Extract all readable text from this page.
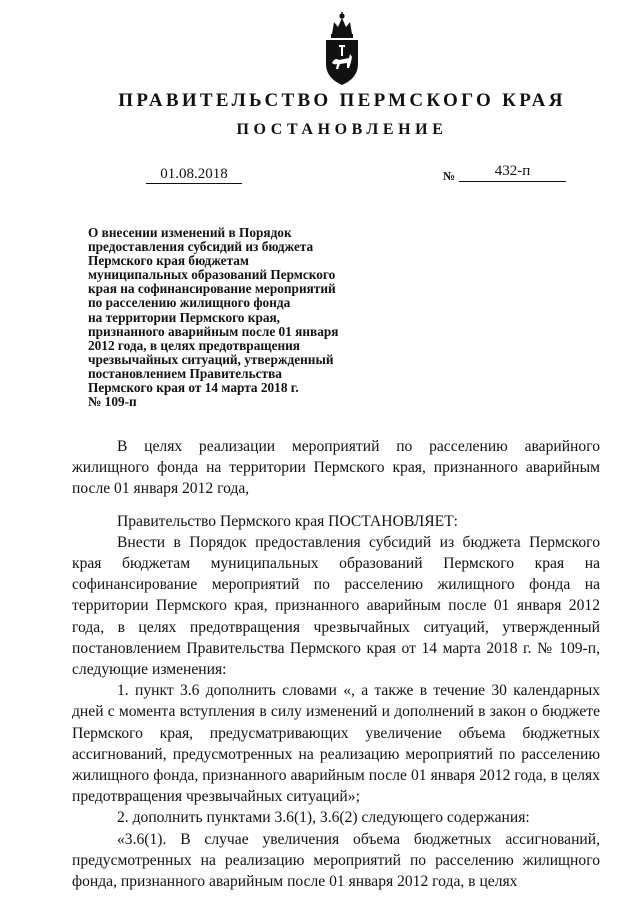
ПРАВИТЕЛЬСТВО ПЕРМСКОГО КРАЯ
ПОСТАНОВЛЕНИЕ
01.08.2018	№	432-п
О внесении изменений в Порядок
предоставления субсидий из бюджета
Пермского края бюджетам
муниципальных образований Пермского
края на софинансирование мероприятий
по расселению жилищного фонда
на территории Пермского края,
признанного аварийным после 01 января
2012 года, в целях предотвращения
чрезвычайных ситуаций, утвержденный
постановлением Правительства
Пермского края от 14 марта 2018 г.
№ 109-п

В целях реализации мероприятий по расселению аварийного жилищного фонда на территории Пермского края, признанного аварийным после 01 января 2012 года,

Правительство Пермского края ПОСТАНОВЛЯЕТ:

Внести в Порядок предоставления субсидий из бюджета Пермского края бюджетам муниципальных образований Пермского края на софинансирование мероприятий по расселению жилищного фонда на территории Пермского края, признанного аварийным после 01 января 2012 года, в целях предотвращения чрезвычайных ситуаций, утвержденный постановлением Правительства Пермского края от 14 марта 2018 г. № 109-п, следующие изменения:

1. пункт 3.6 дополнить словами «, а также в течение 30 календарных дней с момента вступления в силу изменений и дополнений в закон о бюджете Пермского края, предусматривающих увеличение объема бюджетных ассигнований, предусмотренных на реализацию мероприятий по расселению жилищного фонда, признанного аварийным после 01 января 2012 года, в целях предотвращения чрезвычайных ситуаций»;

2. дополнить пунктами 3.6(1), 3.6(2) следующего содержания:

«3.6(1). В случае увеличения объема бюджетных ассигнований, предусмотренных на реализацию мероприятий по расселению жилищного фонда, признанного аварийным после 01 января 2012 года, в целях
